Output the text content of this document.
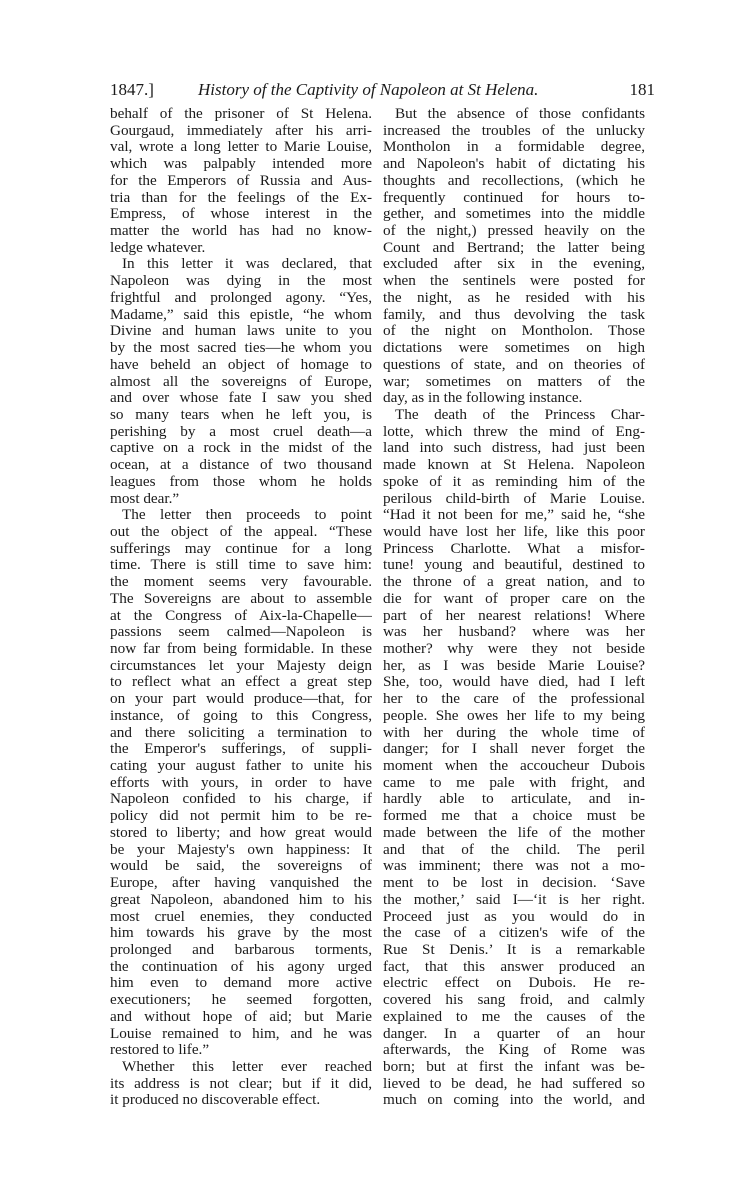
1847.]	History of the Captivity of Napoleon at St Helena.	181
behalf of the prisoner of St Helena.
Gourgaud, immediately after his arri-
val, wrote a long letter to Marie Louise,
which was palpably intended more
for the Emperors of Russia and Aus-
tria than for the feelings of the Ex-
Empress, of whose interest in the
matter the world has had no know-
ledge whatever.
In this letter it was declared, that
Napoleon was dying in the most
frightful and prolonged agony. “Yes,
Madame,” said this epistle, “he whom
Divine and human laws unite to you
by the most sacred ties—he whom you
have beheld an object of homage to
almost all the sovereigns of Europe,
and over whose fate I saw you shed
so many tears when he left you, is
perishing by a most cruel death—a
captive on a rock in the midst of the
ocean, at a distance of two thousand
leagues from those whom he holds
most dear.”
The letter then proceeds to point
out the object of the appeal. “These
sufferings may continue for a long
time. There is still time to save him:
the moment seems very favourable.
The Sovereigns are about to assemble
at the Congress of Aix-la-Chapelle—
passions seem calmed—Napoleon is
now far from being formidable. In these
circumstances let your Majesty deign
to reflect what an effect a great step
on your part would produce—that, for
instance, of going to this Congress,
and there soliciting a termination to
the Emperor's sufferings, of suppli-
cating your august father to unite his
efforts with yours, in order to have
Napoleon confided to his charge, if
policy did not permit him to be re-
stored to liberty; and how great would
be your Majesty's own happiness: It
would be said, the sovereigns of
Europe, after having vanquished the
great Napoleon, abandoned him to his
most cruel enemies, they conducted
him towards his grave by the most
prolonged and barbarous torments,
the continuation of his agony urged
him even to demand more active
executioners; he seemed forgotten,
and without hope of aid; but Marie
Louise remained to him, and he was
restored to life.”
Whether this letter ever reached
its address is not clear; but if it did,
it produced no discoverable effect.
But the absence of those confidants
increased the troubles of the unlucky
Montholon in a formidable degree,
and Napoleon's habit of dictating his
thoughts and recollections, (which he
frequently continued for hours to-
gether, and sometimes into the middle
of the night,) pressed heavily on the
Count and Bertrand; the latter being
excluded after six in the evening,
when the sentinels were posted for
the night, as he resided with his
family, and thus devolving the task
of the night on Montholon. Those
dictations were sometimes on high
questions of state, and on theories of
war; sometimes on matters of the
day, as in the following instance.
The death of the Princess Char-
lotte, which threw the mind of Eng-
land into such distress, had just been
made known at St Helena. Napoleon
spoke of it as reminding him of the
perilous child-birth of Marie Louise.
“Had it not been for me,” said he, “she
would have lost her life, like this poor
Princess Charlotte. What a misfor-
tune! young and beautiful, destined to
the throne of a great nation, and to
die for want of proper care on the
part of her nearest relations! Where
was her husband? where was her
mother? why were they not beside
her, as I was beside Marie Louise?
She, too, would have died, had I left
her to the care of the professional
people. She owes her life to my being
with her during the whole time of
danger; for I shall never forget the
moment when the accoucheur Dubois
came to me pale with fright, and
hardly able to articulate, and in-
formed me that a choice must be
made between the life of the mother
and that of the child. The peril
was imminent; there was not a mo-
ment to be lost in decision. ‘Save
the mother,’ said I—‘it is her right.
Proceed just as you would do in
the case of a citizen's wife of the
Rue St Denis.’ It is a remarkable
fact, that this answer produced an
electric effect on Dubois. He re-
covered his sang froid, and calmly
explained to me the causes of the
danger. In a quarter of an hour
afterwards, the King of Rome was
born; but at first the infant was be-
lieved to be dead, he had suffered so
much on coming into the world, and
